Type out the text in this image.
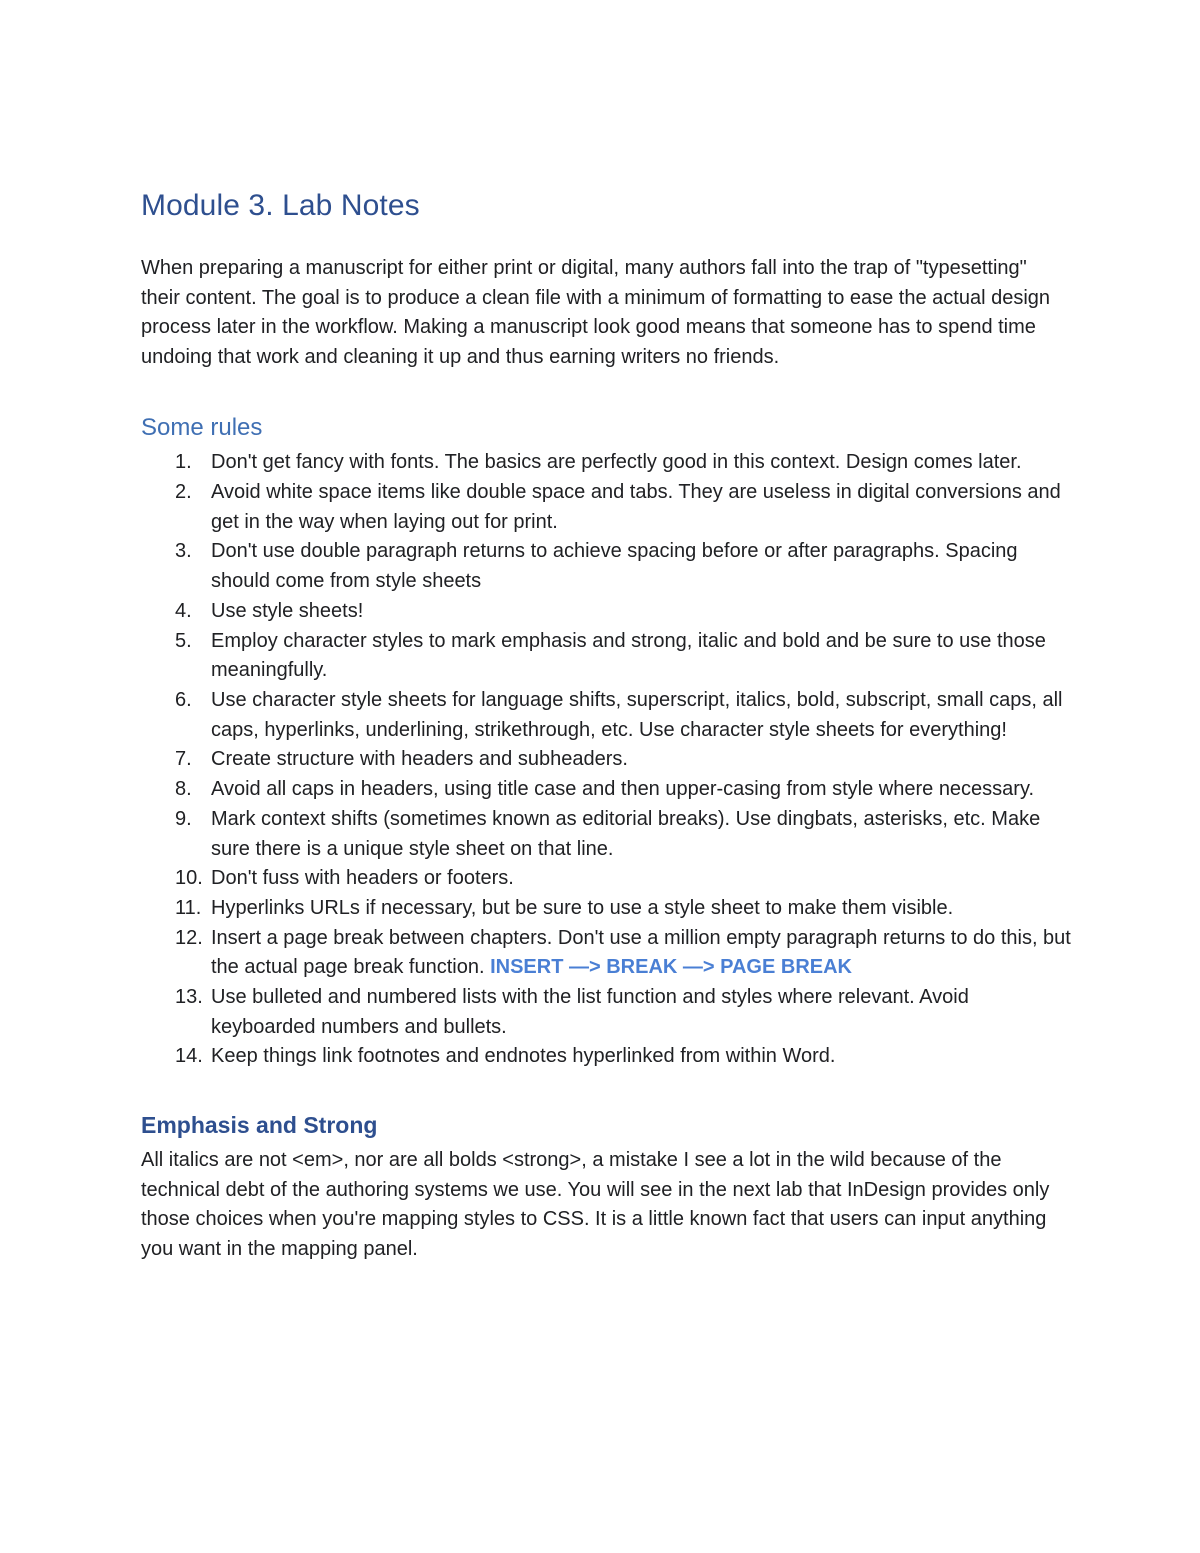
Module 3. Lab Notes

When preparing a manuscript for either print or digital, many authors fall into the trap of "typesetting" their content. The goal is to produce a clean file with a minimum of formatting to ease the actual design process later in the workflow. Making a manuscript look good means that someone has to spend time undoing that work and cleaning it up and thus earning writers no friends.

Some rules
1. Don't get fancy with fonts. The basics are perfectly good in this context. Design comes later.
2. Avoid white space items like double space and tabs. They are useless in digital conversions and get in the way when laying out for print.
3. Don't use double paragraph returns to achieve spacing before or after paragraphs. Spacing should come from style sheets
4. Use style sheets!
5. Employ character styles to mark emphasis and strong, italic and bold and be sure to use those meaningfully.
6. Use character style sheets for language shifts, superscript, italics, bold, subscript, small caps, all caps, hyperlinks, underlining, strikethrough, etc. Use character style sheets for everything!
7. Create structure with headers and subheaders.
8. Avoid all caps in headers, using title case and then upper-casing from style where necessary.
9. Mark context shifts (sometimes known as editorial breaks). Use dingbats, asterisks, etc. Make sure there is a unique style sheet on that line.
10. Don't fuss with headers or footers.
11. Hyperlinks URLs if necessary, but be sure to use a style sheet to make them visible.
12. Insert a page break between chapters. Don't use a million empty paragraph returns to do this, but the actual page break function. INSERT —> BREAK —> PAGE BREAK
13. Use bulleted and numbered lists with the list function and styles where relevant. Avoid keyboarded numbers and bullets.
14. Keep things link footnotes and endnotes hyperlinked from within Word.
Emphasis and Strong

All italics are not <em>, nor are all bolds <strong>, a mistake I see a lot in the wild because of the technical debt of the authoring systems we use. You will see in the next lab that InDesign provides only those choices when you're mapping styles to CSS. It is a little known fact that users can input anything you want in the mapping panel.
